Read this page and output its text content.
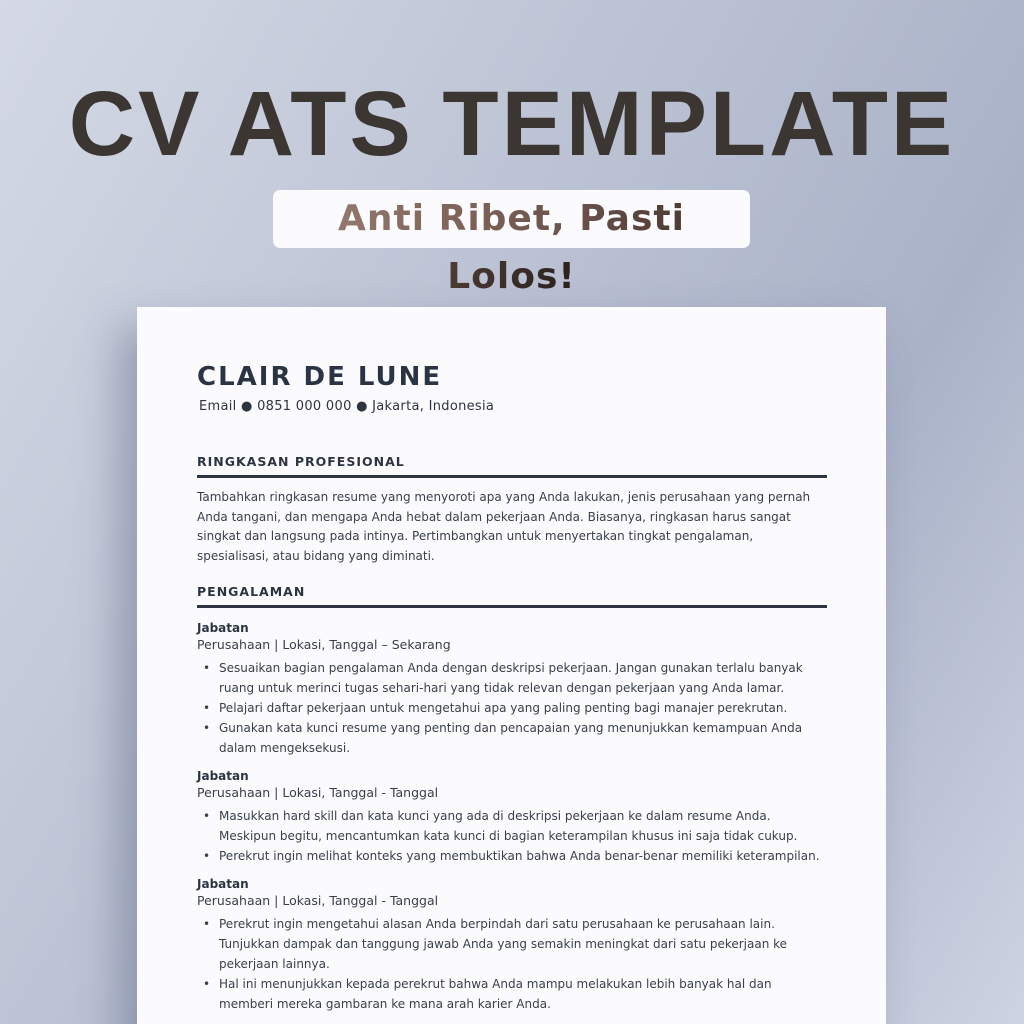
CV ATS TEMPLATE
Anti Ribet, Pasti Lolos!
CLAIR DE LUNE
Email ● 0851 000 000 ● Jakarta, Indonesia
RINGKASAN PROFESIONAL
Tambahkan ringkasan resume yang menyoroti apa yang Anda lakukan, jenis perusahaan yang pernah Anda tangani, dan mengapa Anda hebat dalam pekerjaan Anda. Biasanya, ringkasan harus sangat singkat dan langsung pada intinya. Pertimbangkan untuk menyertakan tingkat pengalaman, spesialisasi, atau bidang yang diminati.
PENGALAMAN
Jabatan
Perusahaan | Lokasi, Tanggal – Sekarang
• Sesuaikan bagian pengalaman Anda dengan deskripsi pekerjaan. Jangan gunakan terlalu banyak ruang untuk merinci tugas sehari-hari yang tidak relevan dengan pekerjaan yang Anda lamar.
• Pelajari daftar pekerjaan untuk mengetahui apa yang paling penting bagi manajer perekrutan.
• Gunakan kata kunci resume yang penting dan pencapaian yang menunjukkan kemampuan Anda dalam mengeksekusi.
Jabatan
Perusahaan | Lokasi, Tanggal - Tanggal
• Masukkan hard skill dan kata kunci yang ada di deskripsi pekerjaan ke dalam resume Anda. Meskipun begitu, mencantumkan kata kunci di bagian keterampilan khusus ini saja tidak cukup.
• Perekrut ingin melihat konteks yang membuktikan bahwa Anda benar-benar memiliki keterampilan.
Jabatan
Perusahaan | Lokasi, Tanggal - Tanggal
• Perekrut ingin mengetahui alasan Anda berpindah dari satu perusahaan ke perusahaan lain. Tunjukkan dampak dan tanggung jawab Anda yang semakin meningkat dari satu pekerjaan ke pekerjaan lainnya.
• Hal ini menunjukkan kepada perekrut bahwa Anda mampu melakukan lebih banyak hal dan memberi mereka gambaran ke mana arah karier Anda.
